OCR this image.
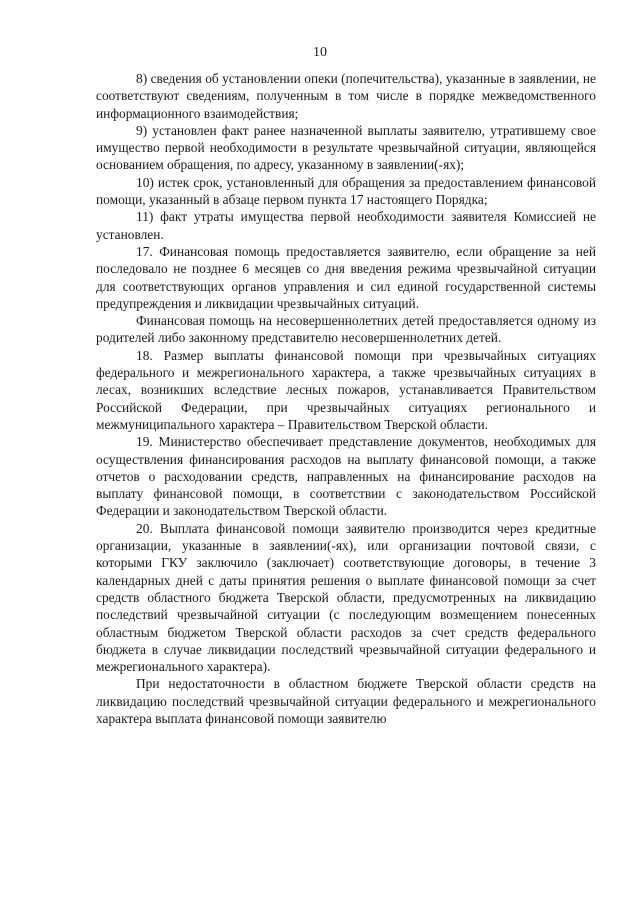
10

8) сведения об установлении опеки (попечительства), указанные в заявлении, не соответствуют сведениям, полученным в том числе в порядке межведомственного информационного взаимодействия;

9) установлен факт ранее назначенной выплаты заявителю, утратившему свое имущество первой необходимости в результате чрезвычайной ситуации, являющейся основанием обращения, по адресу, указанному в заявлении(-ях);

10) истек срок, установленный для обращения за предоставлением финансовой помощи, указанный в абзаце первом пункта 17 настоящего Порядка;

11) факт утраты имущества первой необходимости заявителя Комиссией не установлен.

17. Финансовая помощь предоставляется заявителю, если обращение за ней последовало не позднее 6 месяцев со дня введения режима чрезвычайной ситуации для соответствующих органов управления и сил единой государственной системы предупреждения и ликвидации чрезвычайных ситуаций.

Финансовая помощь на несовершеннолетних детей предоставляется одному из родителей либо законному представителю несовершеннолетних детей.

18. Размер выплаты финансовой помощи при чрезвычайных ситуациях федерального и межрегионального характера, а также чрезвычайных ситуациях в лесах, возникших вследствие лесных пожаров, устанавливается Правительством Российской Федерации, при чрезвычайных ситуациях регионального и межмуниципального характера – Правительством Тверской области.

19. Министерство обеспечивает представление документов, необходимых для осуществления финансирования расходов на выплату финансовой помощи, а также отчетов о расходовании средств, направленных на финансирование расходов на выплату финансовой помощи, в соответствии с законодательством Российской Федерации и законодательством Тверской области.

20. Выплата финансовой помощи заявителю производится через кредитные организации, указанные в заявлении(-ях), или организации почтовой связи, с которыми ГКУ заключило (заключает) соответствующие договоры, в течение 3 календарных дней с даты принятия решения о выплате финансовой помощи за счет средств областного бюджета Тверской области, предусмотренных на ликвидацию последствий чрезвычайной ситуации (с последующим возмещением понесенных областным бюджетом Тверской области расходов за счет средств федерального бюджета в случае ликвидации последствий чрезвычайной ситуации федерального и межрегионального характера).

При недостаточности в областном бюджете Тверской области средств на ликвидацию последствий чрезвычайной ситуации федерального и межрегионального характера выплата финансовой помощи заявителю
